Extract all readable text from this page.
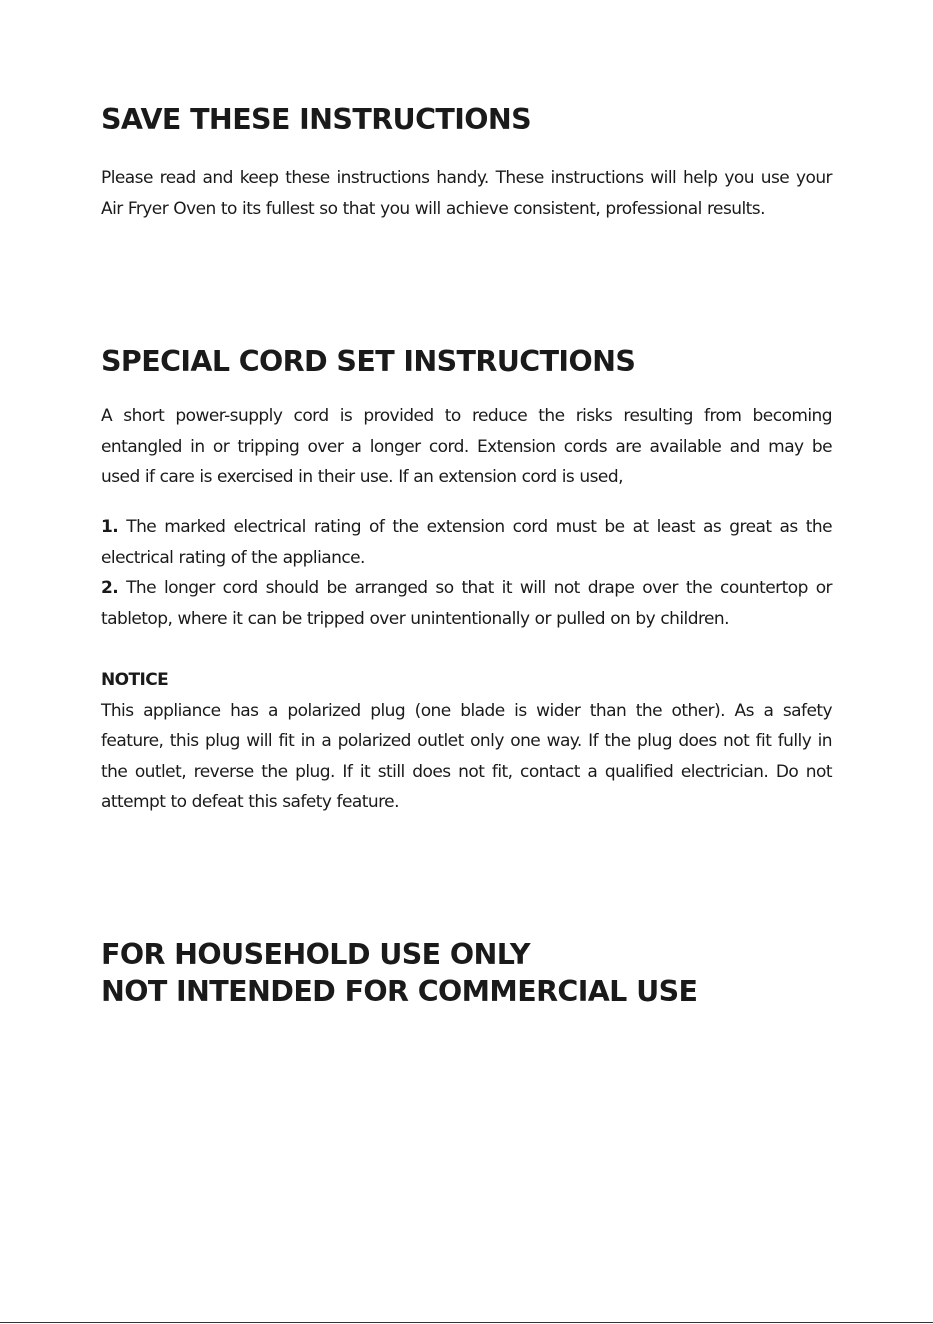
SAVE THESE INSTRUCTIONS

Please read and keep these instructions handy. These instructions will help you use your Air Fryer Oven to its fullest so that you will achieve consistent, professional results.

SPECIAL CORD SET INSTRUCTIONS

A short power-supply cord is provided to reduce the risks resulting from becoming entangled in or tripping over a longer cord. Extension cords are available and may be used if care is exercised in their use. If an extension cord is used,

1. The marked electrical rating of the extension cord must be at least as great as the electrical rating of the appliance.

2. The longer cord should be arranged so that it will not drape over the countertop or tabletop, where it can be tripped over unintentionally or pulled on by children.

NOTICE

This appliance has a polarized plug (one blade is wider than the other). As a safety feature, this plug will fit in a polarized outlet only one way. If the plug does not fit fully in the outlet, reverse the plug. If it still does not fit, contact a qualified electrician. Do not attempt to defeat this safety feature.

FOR HOUSEHOLD USE ONLY
NOT INTENDED FOR COMMERCIAL USE
